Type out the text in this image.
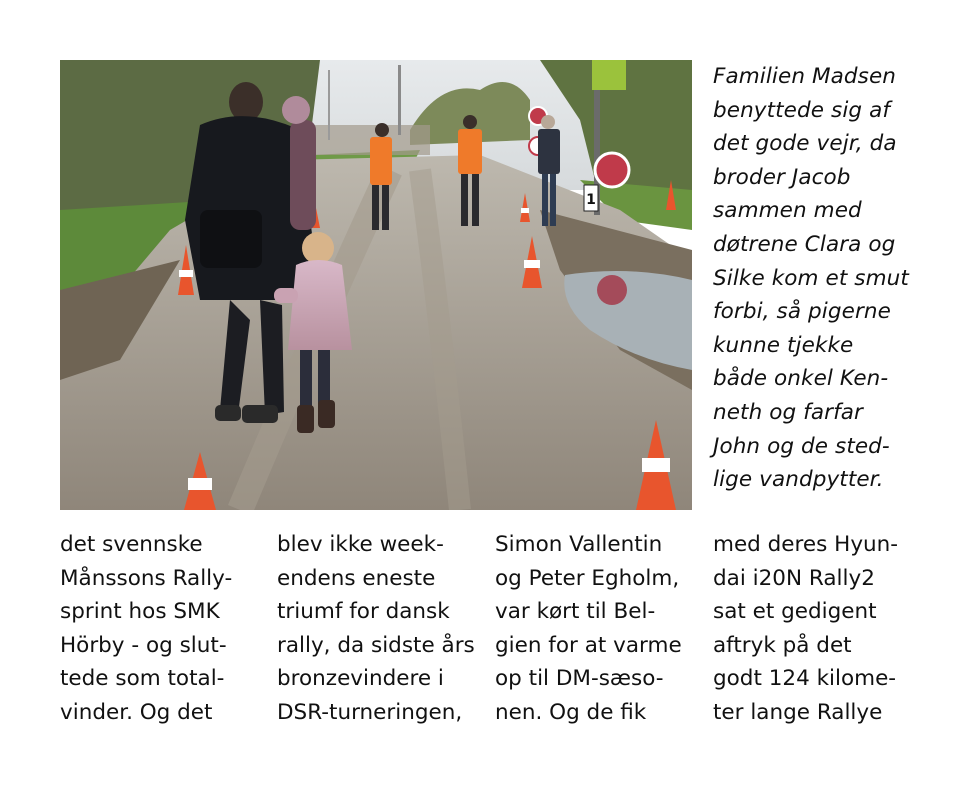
1
Familien Madsen
benyttede sig af
det gode vejr, da
broder Jacob
sammen med
døtrene Clara og
Silke kom et smut
forbi, så pigerne
kunne tjekke
både onkel Ken-
neth og farfar
John og de sted-
lige vandpytter.
det svennske
Månssons Rally-
sprint hos SMK
Hörby - og slut-
tede som total-
vinder. Og det
blev ikke week-
endens eneste
triumf for dansk
rally, da sidste års
bronzevindere i
DSR-turneringen,
Simon Vallentin
og Peter Egholm,
var kørt til Bel-
gien for at varme
op til DM-sæso-
nen. Og de fik
med deres Hyun-
dai i20N Rally2
sat et gedigent
aftryk på det
godt 124 kilome-
ter lange Rallye
